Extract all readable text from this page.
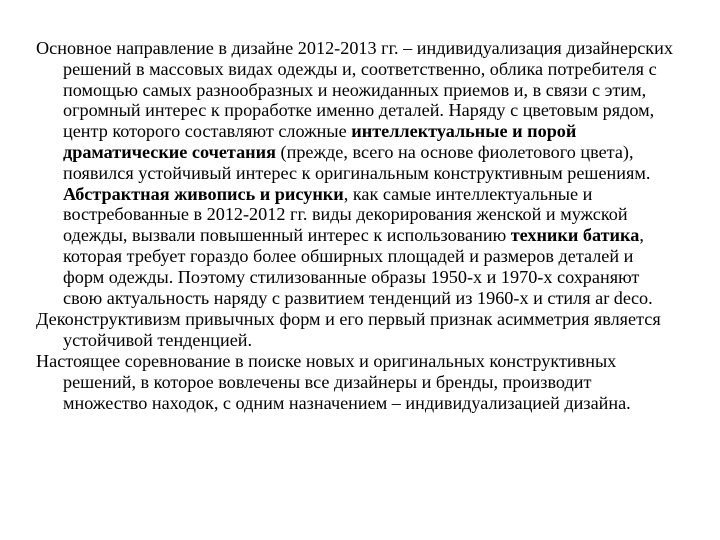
Основное направление в дизайне 2012-2013 гг. – индивидуализация дизайнерских решений в массовых видах одежды и, соответственно, облика потребителя с помощью самых разнообразных и неожиданных приемов и, в связи с этим, огромный интерес к проработке именно деталей. Наряду с цветовым рядом, центр которого составляют сложные интеллектуальные и порой драматические сочетания (прежде, всего на основе фиолетового цвета), появился устойчивый интерес к оригинальным конструктивным решениям. Абстрактная живопись и рисунки, как самые интеллектуальные и востребованные в 2012-2012 гг. виды декорирования женской и мужской одежды, вызвали повышенный интерес к использованию техники батика, которая требует гораздо более обширных площадей и размеров деталей и форм одежды. Поэтому стилизованные образы 1950-х и 1970-х сохраняют свою актуальность наряду с развитием тенденций из 1960-х и стиля ar deco.

Деконструктивизм привычных форм и его первый признак асимметрия является устойчивой тенденцией.

Настоящее соревнование в поиске новых и оригинальных конструктивных решений, в которое вовлечены все дизайнеры и бренды, производит множество находок, с одним назначением – индивидуализацией дизайна.
